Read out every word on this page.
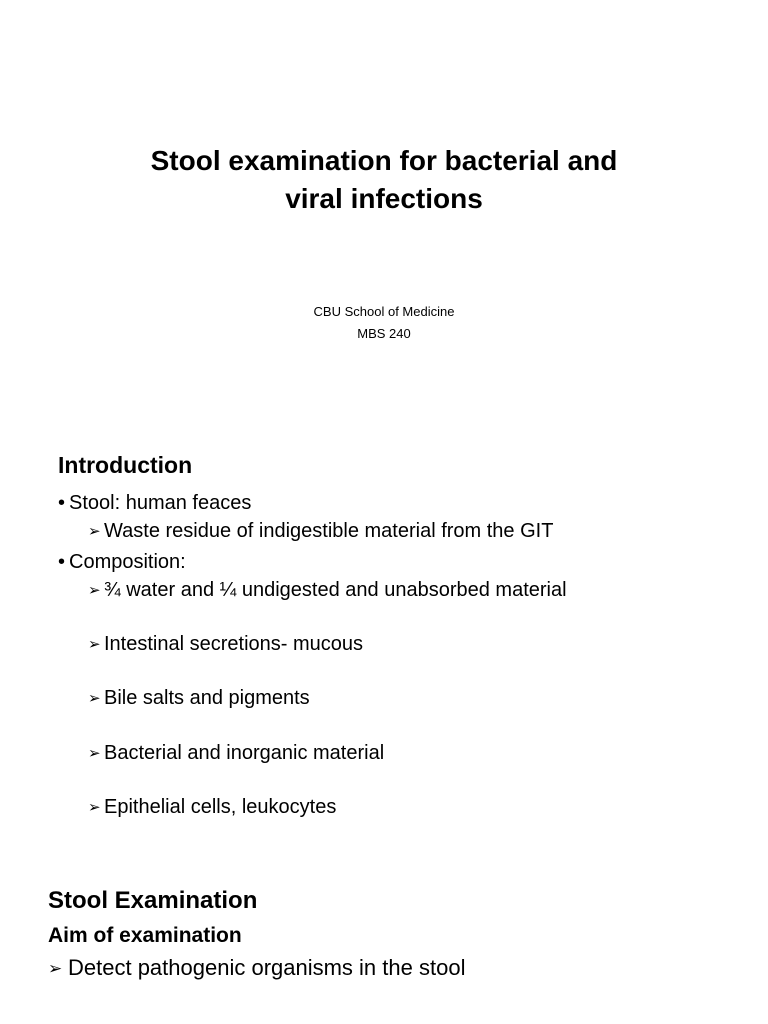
Stool examination for bacterial and
viral infections
CBU School of Medicine
MBS 240
Introduction
• Stool: human feaces
➢ Waste residue of indigestible material from the GIT
• Composition:
➢ ¾ water and ¼ undigested and unabsorbed material
➢ Intestinal secretions- mucous
➢ Bile salts and pigments
➢ Bacterial and inorganic material
➢ Epithelial cells, leukocytes
Stool Examination
Aim of examination
➢ Detect pathogenic organisms in the stool
